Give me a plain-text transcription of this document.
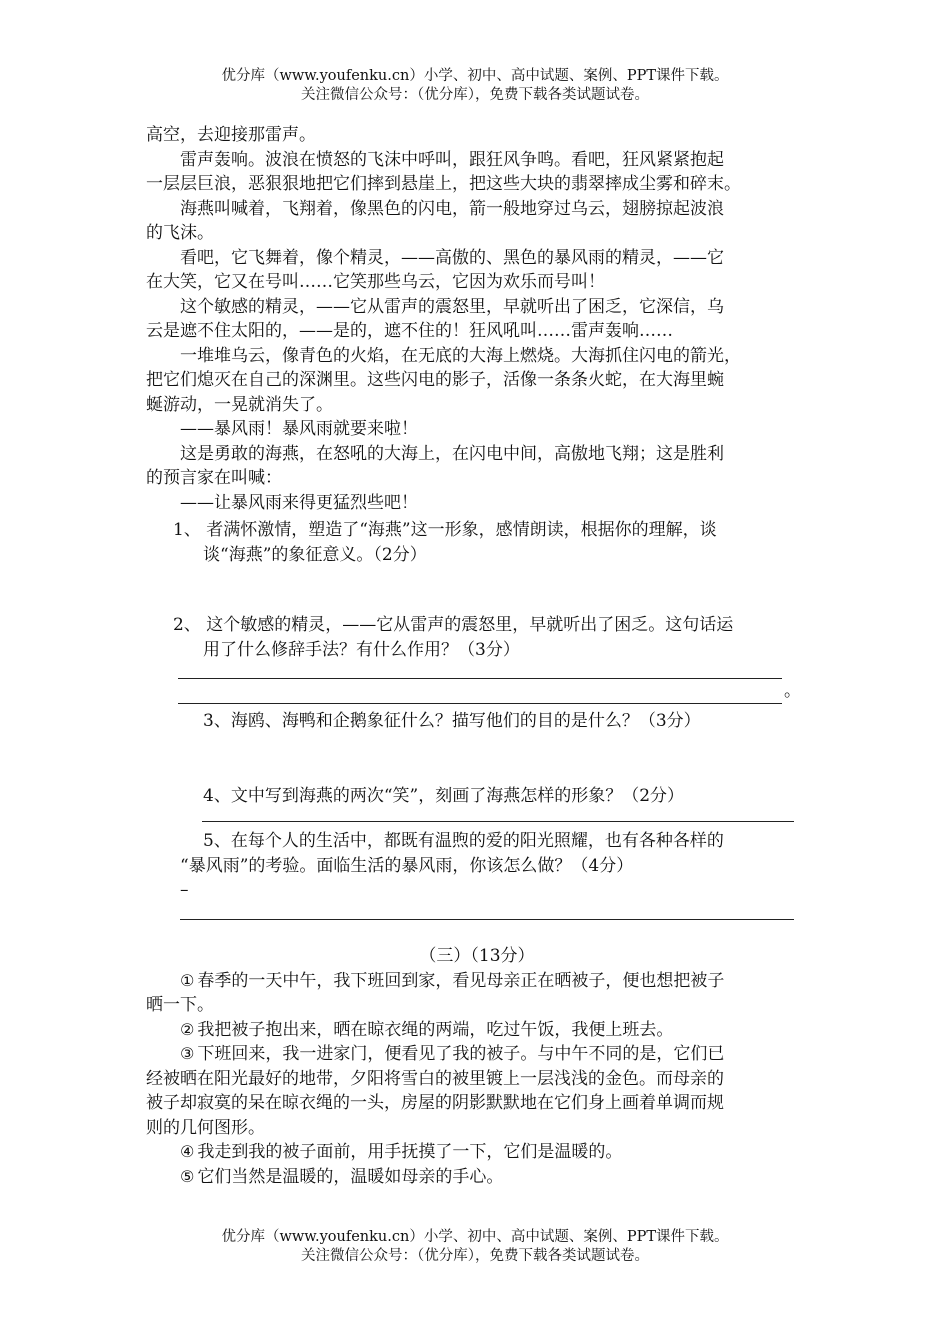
优分库（www.youfenku.cn）小学、初中、高中试题、案例、PPT课件下载。
关注微信公众号：（优分库），免费下载各类试题试卷。

高空，去迎接那雷声。

雷声轰响。波浪在愤怒的飞沫中呼叫，跟狂风争鸣。看吧，狂风紧紧抱起

一层层巨浪，恶狠狠地把它们摔到悬崖上，把这些大块的翡翠摔成尘雾和碎末。

海燕叫喊着，飞翔着，像黑色的闪电，箭一般地穿过乌云，翅膀掠起波浪

的飞沫。

看吧，它飞舞着，像个精灵，——高傲的、黑色的暴风雨的精灵，——它

在大笑，它又在号叫……它笑那些乌云，它因为欢乐而号叫！

这个敏感的精灵，——它从雷声的震怒里，早就听出了困乏，它深信，乌

云是遮不住太阳的，——是的，遮不住的！狂风吼叫……雷声轰响……

一堆堆乌云，像青色的火焰，在无底的大海上燃烧。大海抓住闪电的箭光，

把它们熄灭在自己的深渊里。这些闪电的影子，活像一条条火蛇，在大海里蜿

蜒游动，一晃就消失了。

——暴风雨！暴风雨就要来啦！

这是勇敢的海燕，在怒吼的大海上，在闪电中间，高傲地飞翔；这是胜利

的预言家在叫喊：

——让暴风雨来得更猛烈些吧！

1、 者满怀激情，塑造了“海燕”这一形象，感情朗读，根据你的理解，谈

谈“海燕”的象征意义。（2分）

2、 这个敏感的精灵，——它从雷声的震怒里，早就听出了困乏。这句话运

用了什么修辞手法？有什么作用？（3分）

。

3、海鸥、海鸭和企鹅象征什么？描写他们的目的是什么？（3分）

4、文中写到海燕的两次“笑”，刻画了海燕怎样的形象？（2分）

5、在每个人的生活中，都既有温煦的爱的阳光照耀，也有各种各样的

“暴风雨”的考验。面临生活的暴风雨，你该怎么做？（4分）

–

（三）（13分）

① 春季的一天中午，我下班回到家，看见母亲正在晒被子，便也想把被子

晒一下。

② 我把被子抱出来，晒在晾衣绳的两端，吃过午饭，我便上班去。

③ 下班回来，我一进家门，便看见了我的被子。与中午不同的是，它们已

经被晒在阳光最好的地带，夕阳将雪白的被里镀上一层浅浅的金色。而母亲的

被子却寂寞的呆在晾衣绳的一头，房屋的阴影默默地在它们身上画着单调而规

则的几何图形。

④ 我走到我的被子面前，用手抚摸了一下，它们是温暖的。

⑤ 它们当然是温暖的，温暖如母亲的手心。

优分库（www.youfenku.cn）小学、初中、高中试题、案例、PPT课件下载。
关注微信公众号：（优分库），免费下载各类试题试卷。
